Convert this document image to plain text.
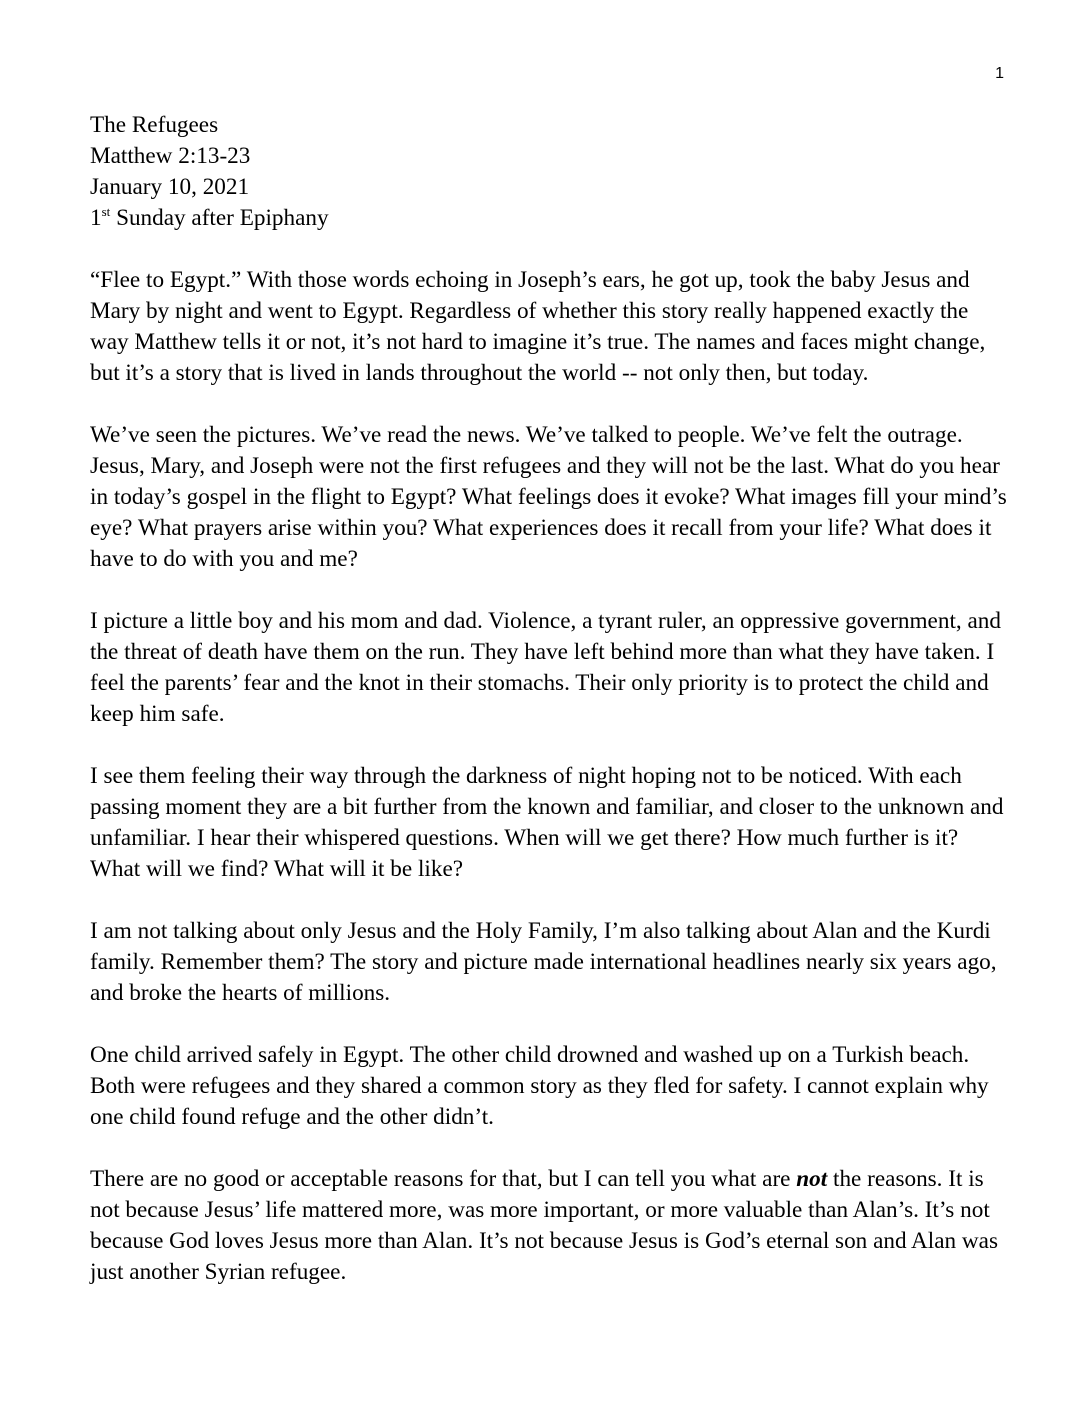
1
The Refugees
Matthew 2:13-23
January 10, 2021
1st Sunday after Epiphany

“Flee to Egypt.” With those words echoing in Joseph’s ears, he got up, took the baby Jesus and Mary by night and went to Egypt. Regardless of whether this story really happened exactly the way Matthew tells it or not, it’s not hard to imagine it’s true. The names and faces might change, but it’s a story that is lived in lands throughout the world -- not only then, but today.

We’ve seen the pictures. We’ve read the news. We’ve talked to people. We’ve felt the outrage. Jesus, Mary, and Joseph were not the first refugees and they will not be the last. What do you hear in today’s gospel in the flight to Egypt? What feelings does it evoke? What images fill your mind’s eye? What prayers arise within you? What experiences does it recall from your life? What does it have to do with you and me?

I picture a little boy and his mom and dad. Violence, a tyrant ruler, an oppressive government, and the threat of death have them on the run. They have left behind more than what they have taken. I feel the parents’ fear and the knot in their stomachs. Their only priority is to protect the child and keep him safe.

I see them feeling their way through the darkness of night hoping not to be noticed. With each passing moment they are a bit further from the known and familiar, and closer to the unknown and unfamiliar. I hear their whispered questions. When will we get there? How much further is it? What will we find? What will it be like?

I am not talking about only Jesus and the Holy Family, I’m also talking about Alan and the Kurdi family. Remember them? The story and picture made international headlines nearly six years ago, and broke the hearts of millions.

One child arrived safely in Egypt. The other child drowned and washed up on a Turkish beach. Both were refugees and they shared a common story as they fled for safety. I cannot explain why one child found refuge and the other didn’t.

There are no good or acceptable reasons for that, but I can tell you what are not the reasons. It is not because Jesus’ life mattered more, was more important, or more valuable than Alan’s. It’s not because God loves Jesus more than Alan. It’s not because Jesus is God’s eternal son and Alan was just another Syrian refugee.
